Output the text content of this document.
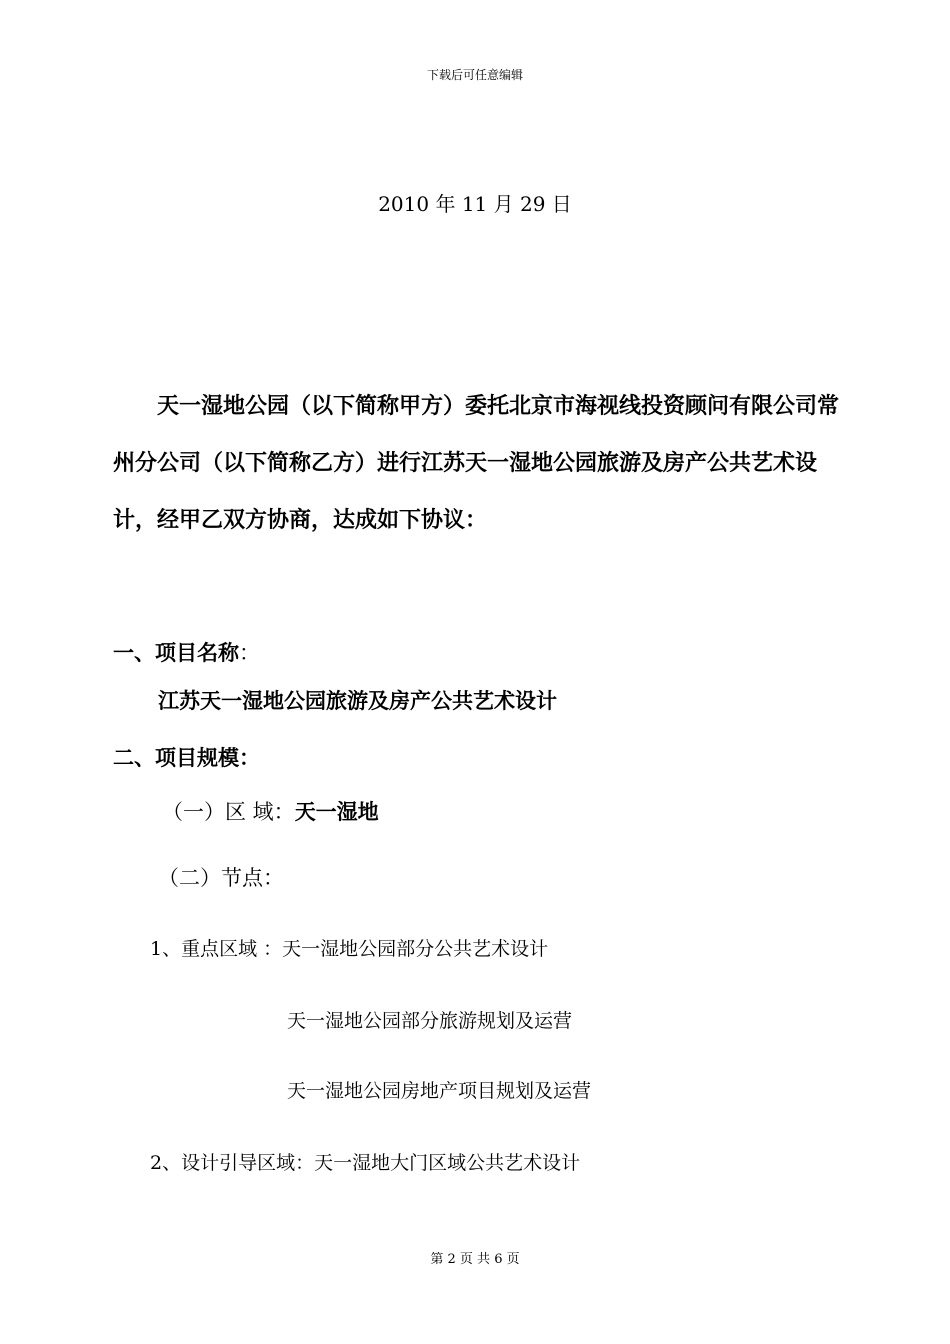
下载后可任意编辑
2010 年 11 月 29 日
天一湿地公园（以下简称甲方）委托北京市海视线投资顾问有限公司常州分公司（以下简称乙方）进行江苏天一湿地公园旅游及房产公共艺术设计，经甲乙双方协商，达成如下协议：
一、项目名称：
江苏天一湿地公园旅游及房产公共艺术设计
二、项目规模：
（一）区 域：天一湿地
（二）节点：
1、重点区域 ：天一湿地公园部分公共艺术设计
天一湿地公园部分旅游规划及运营
天一湿地公园房地产项目规划及运营
2、设计引导区域：天一湿地大门区域公共艺术设计
第 2 页 共 6 页
